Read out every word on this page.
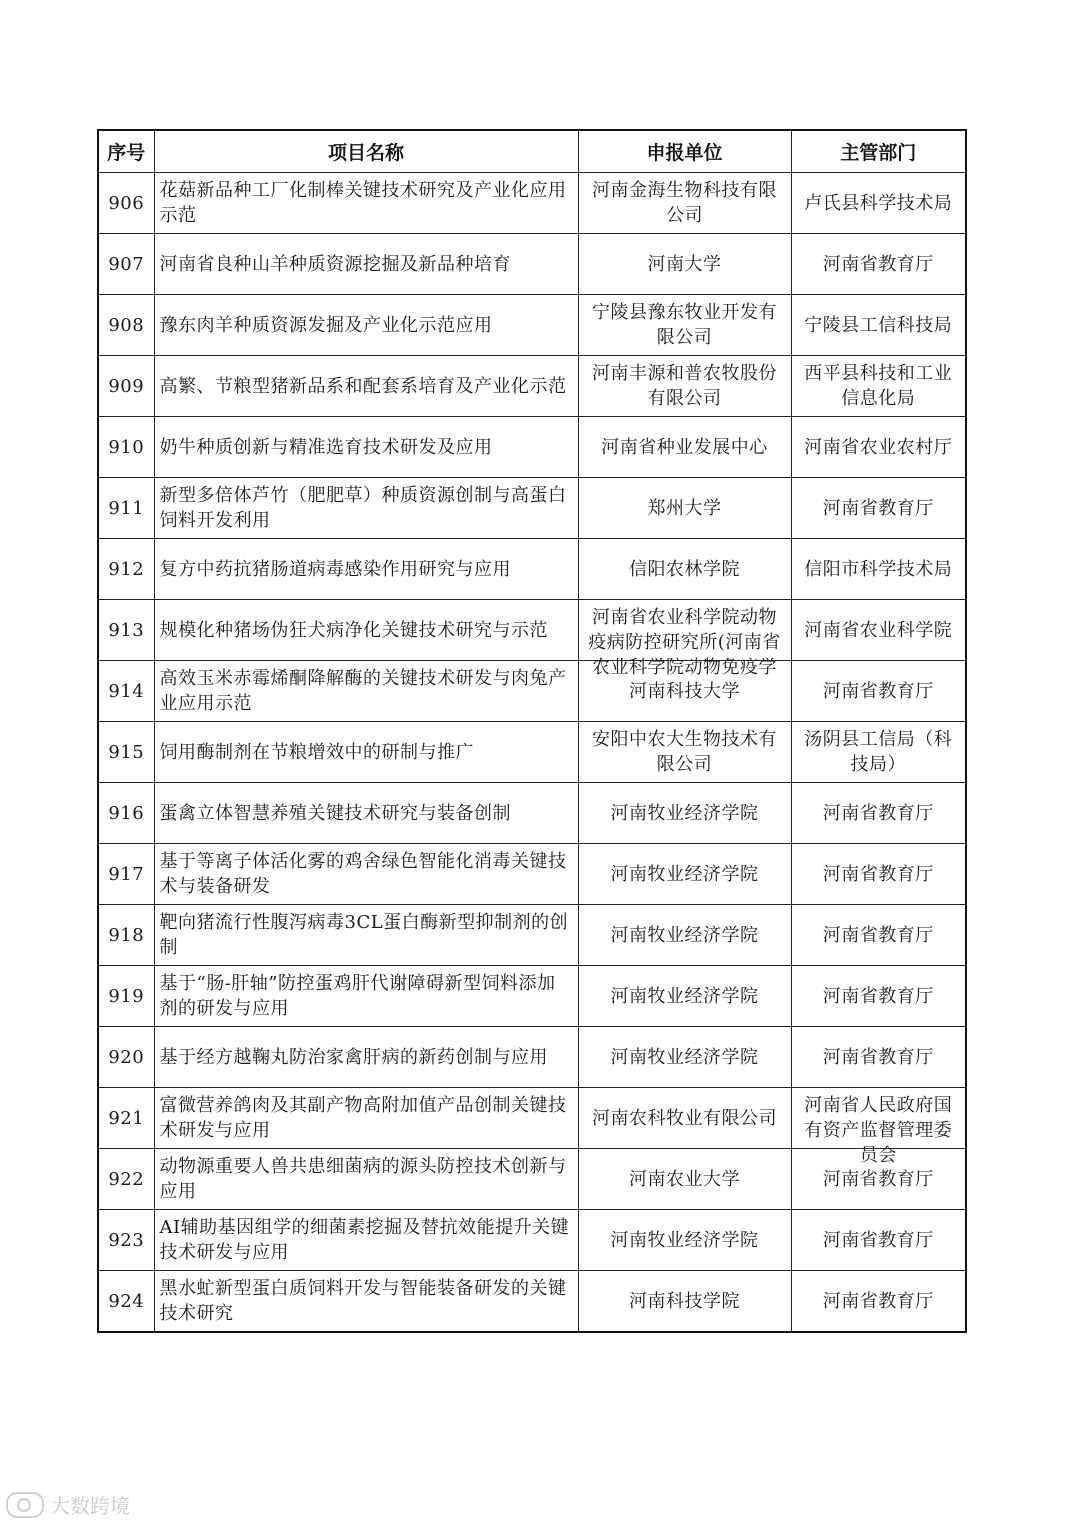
序号	项目名称	申报单位	主管部门

906	花菇新品种工厂化制棒关键技术研究及产业化应用示范	河南金海生物科技有限公司	卢氏县科学技术局

907	河南省良种山羊种质资源挖掘及新品种培育	河南大学	河南省教育厅

908	豫东肉羊种质资源发掘及产业化示范应用	宁陵县豫东牧业开发有限公司	宁陵县工信科技局

909	高繁、节粮型猪新品系和配套系培育及产业化示范	河南丰源和普农牧股份有限公司	西平县科技和工业信息化局

910	奶牛种质创新与精准选育技术研发及应用	河南省种业发展中心	河南省农业农村厅

911	新型多倍体芦竹（肥肥草）种质资源创制与高蛋白饲料开发利用	郑州大学	河南省教育厅

912	复方中药抗猪肠道病毒感染作用研究与应用	信阳农林学院	信阳市科学技术局

913	规模化种猪场伪狂犬病净化关键技术研究与示范	河南省农业科学院动物疫病防控研究所(河南省农业科学院动物免疫学	河南省农业科学院

914	高效玉米赤霉烯酮降解酶的关键技术研发与肉兔产业应用示范	河南科技大学	河南省教育厅

915	饲用酶制剂在节粮增效中的研制与推广	安阳中农大生物技术有限公司	汤阴县工信局（科技局）

916	蛋禽立体智慧养殖关键技术研究与装备创制	河南牧业经济学院	河南省教育厅

917	基于等离子体活化雾的鸡舍绿色智能化消毒关键技术与装备研发	河南牧业经济学院	河南省教育厅

918	靶向猪流行性腹泻病毒3CL蛋白酶新型抑制剂的创制	河南牧业经济学院	河南省教育厅

919	基于“肠-肝轴”防控蛋鸡肝代谢障碍新型饲料添加剂的研发与应用	河南牧业经济学院	河南省教育厅

920	基于经方越鞠丸防治家禽肝病的新药创制与应用	河南牧业经济学院	河南省教育厅

921	富微营养鸽肉及其副产物高附加值产品创制关键技术研发与应用	河南农科牧业有限公司	河南省人民政府国有资产监督管理委员会

922	动物源重要人兽共患细菌病的源头防控技术创新与应用	河南农业大学	河南省教育厅

923	AI辅助基因组学的细菌素挖掘及替抗效能提升关键技术研发与应用	河南牧业经济学院	河南省教育厅

924	黑水虻新型蛋白质饲料开发与智能装备研发的关键技术研究	河南科技学院	河南省教育厅
大数跨境
